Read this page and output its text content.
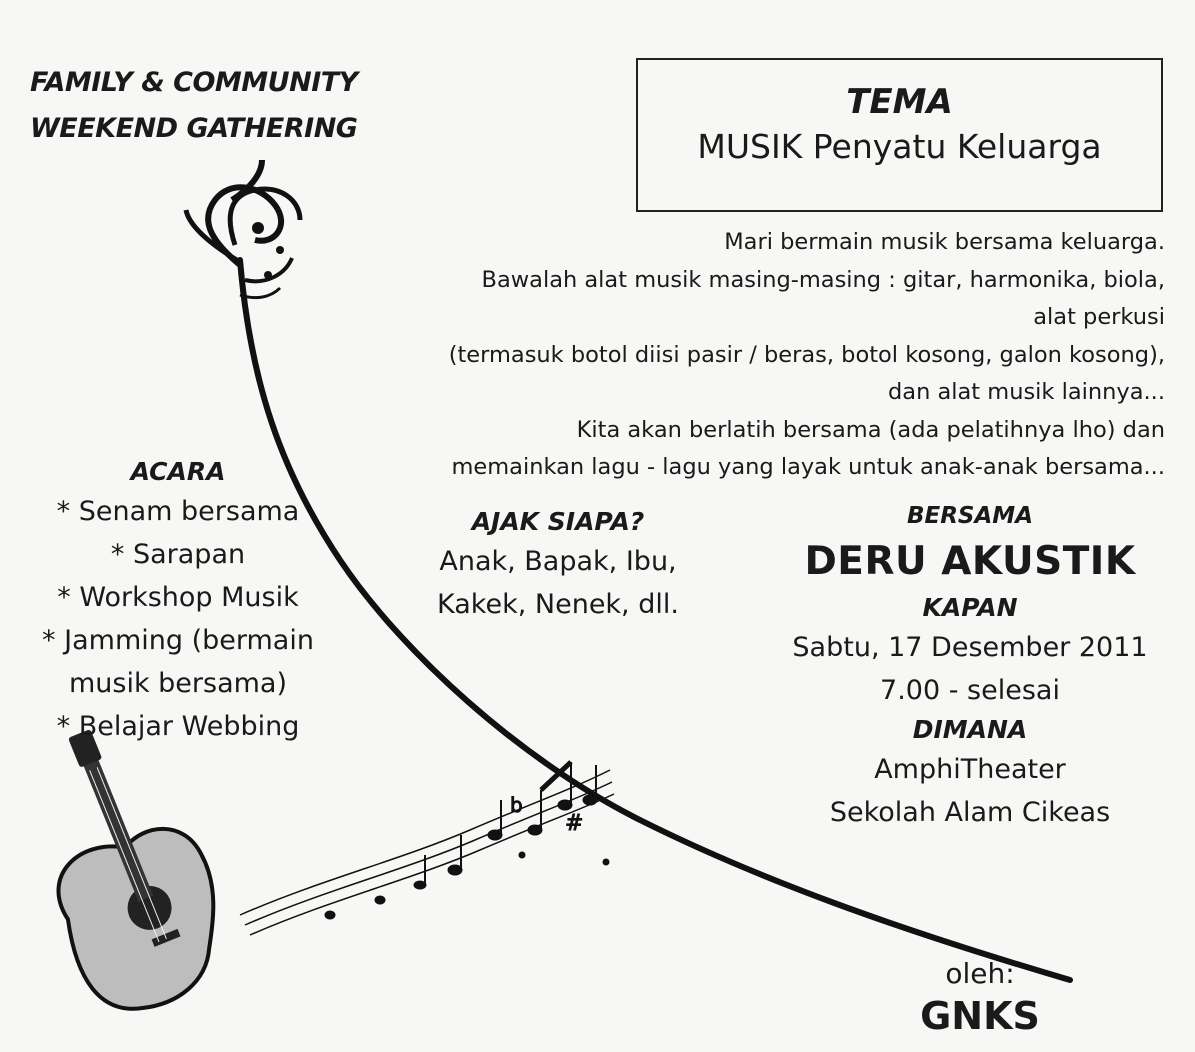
#
b
FAMILY & COMMUNITY
WEEKEND GATHERING
TEMA
MUSIK Penyatu Keluarga
Mari bermain musik bersama keluarga.
Bawalah alat musik masing-masing : gitar, harmonika, biola,
alat perkusi
(termasuk botol diisi pasir / beras, botol kosong, galon kosong),
dan alat musik lainnya...
Kita akan berlatih bersama (ada pelatihnya lho) dan
memainkan lagu - lagu yang layak untuk anak-anak bersama...
ACARA
* Senam bersama
* Sarapan
* Workshop Musik
* Jamming (bermain
musik bersama)
* Belajar Webbing
AJAK SIAPA?
Anak, Bapak, Ibu,
Kakek, Nenek, dll.
BERSAMA
DERU AKUSTIK
KAPAN
Sabtu, 17 Desember 2011
7.00 - selesai
DIMANA
AmphiTheater
Sekolah Alam Cikeas
oleh:
GNKS
